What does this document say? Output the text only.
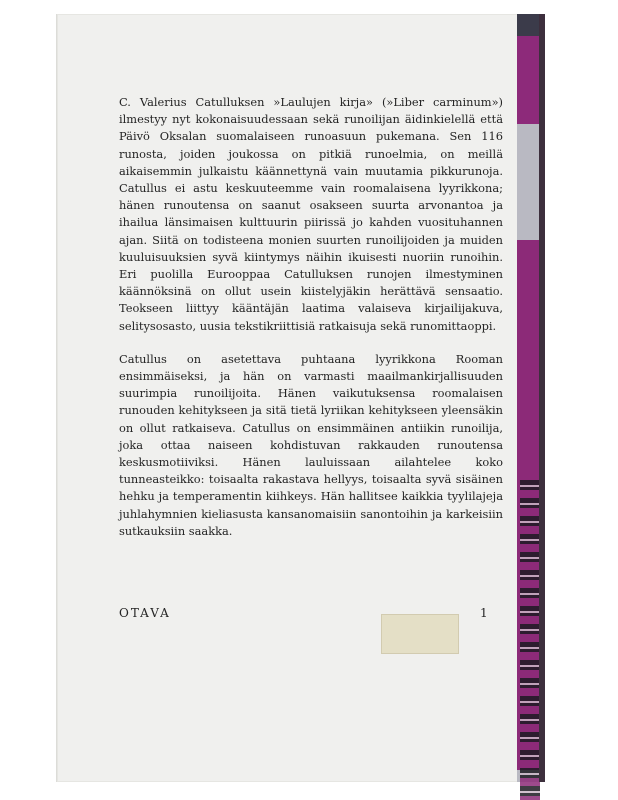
C. Valerius Catulluksen »Laulujen kirja» (»Liber carminum») ilmestyy nyt kokonaisuudessaan sekä runoilijan äidinkielellä että Päivö Oksalan suomalaiseen runoasuun pukemana. Sen 116 runosta, joiden joukossa on pitkiä runoelmia, on meillä aikaisemmin julkaistu käännettynä vain muutamia pikkurunoja. Catullus ei astu keskuuteemme vain roomalaisena lyyrikkona; hänen runoutensa on saanut osakseen suurta arvonantoa ja ihailua länsimaisen kulttuurin piirissä jo kahden vuosituhannen ajan. Siitä on todisteena monien suurten runoilijoiden ja muiden kuuluisuuksien syvä kiintymys näihin ikuisesti nuoriin runoihin. Eri puolilla Eurooppaa Catulluksen runojen ilmestyminen käännöksinä on ollut usein kiistelyjäkin herättävä sensaatio. Teokseen liittyy kääntäjän laatima valaiseva kirjailijakuva, selitysosasto, uusia tekstikriittisiä ratkaisuja sekä runomittaoppi.

Catullus on asetettava puhtaana lyyrikkona Rooman ensimmäiseksi, ja hän on varmasti maailmankirjallisuuden suurimpia runoilijoita. Hänen vaikutuksensa roomalaisen runouden kehitykseen ja sitä tietä lyriikan kehitykseen yleensäkin on ollut ratkaiseva. Catullus on ensimmäinen antiikin runoilija, joka ottaa naiseen kohdistuvan rakkauden runoutensa keskusmotiiviksi. Hänen lauluissaan ailahtelee koko tunneasteikko: toisaalta rakastava hellyys, toisaalta syvä sisäinen hehku ja temperamentin kiihkeys. Hän hallitsee kaikkia tyylilajeja juhlahymnien kieliasusta kansanomaisiin sanontoihin ja karkeisiin sutkauksiin saakka.

OTAVA	1
